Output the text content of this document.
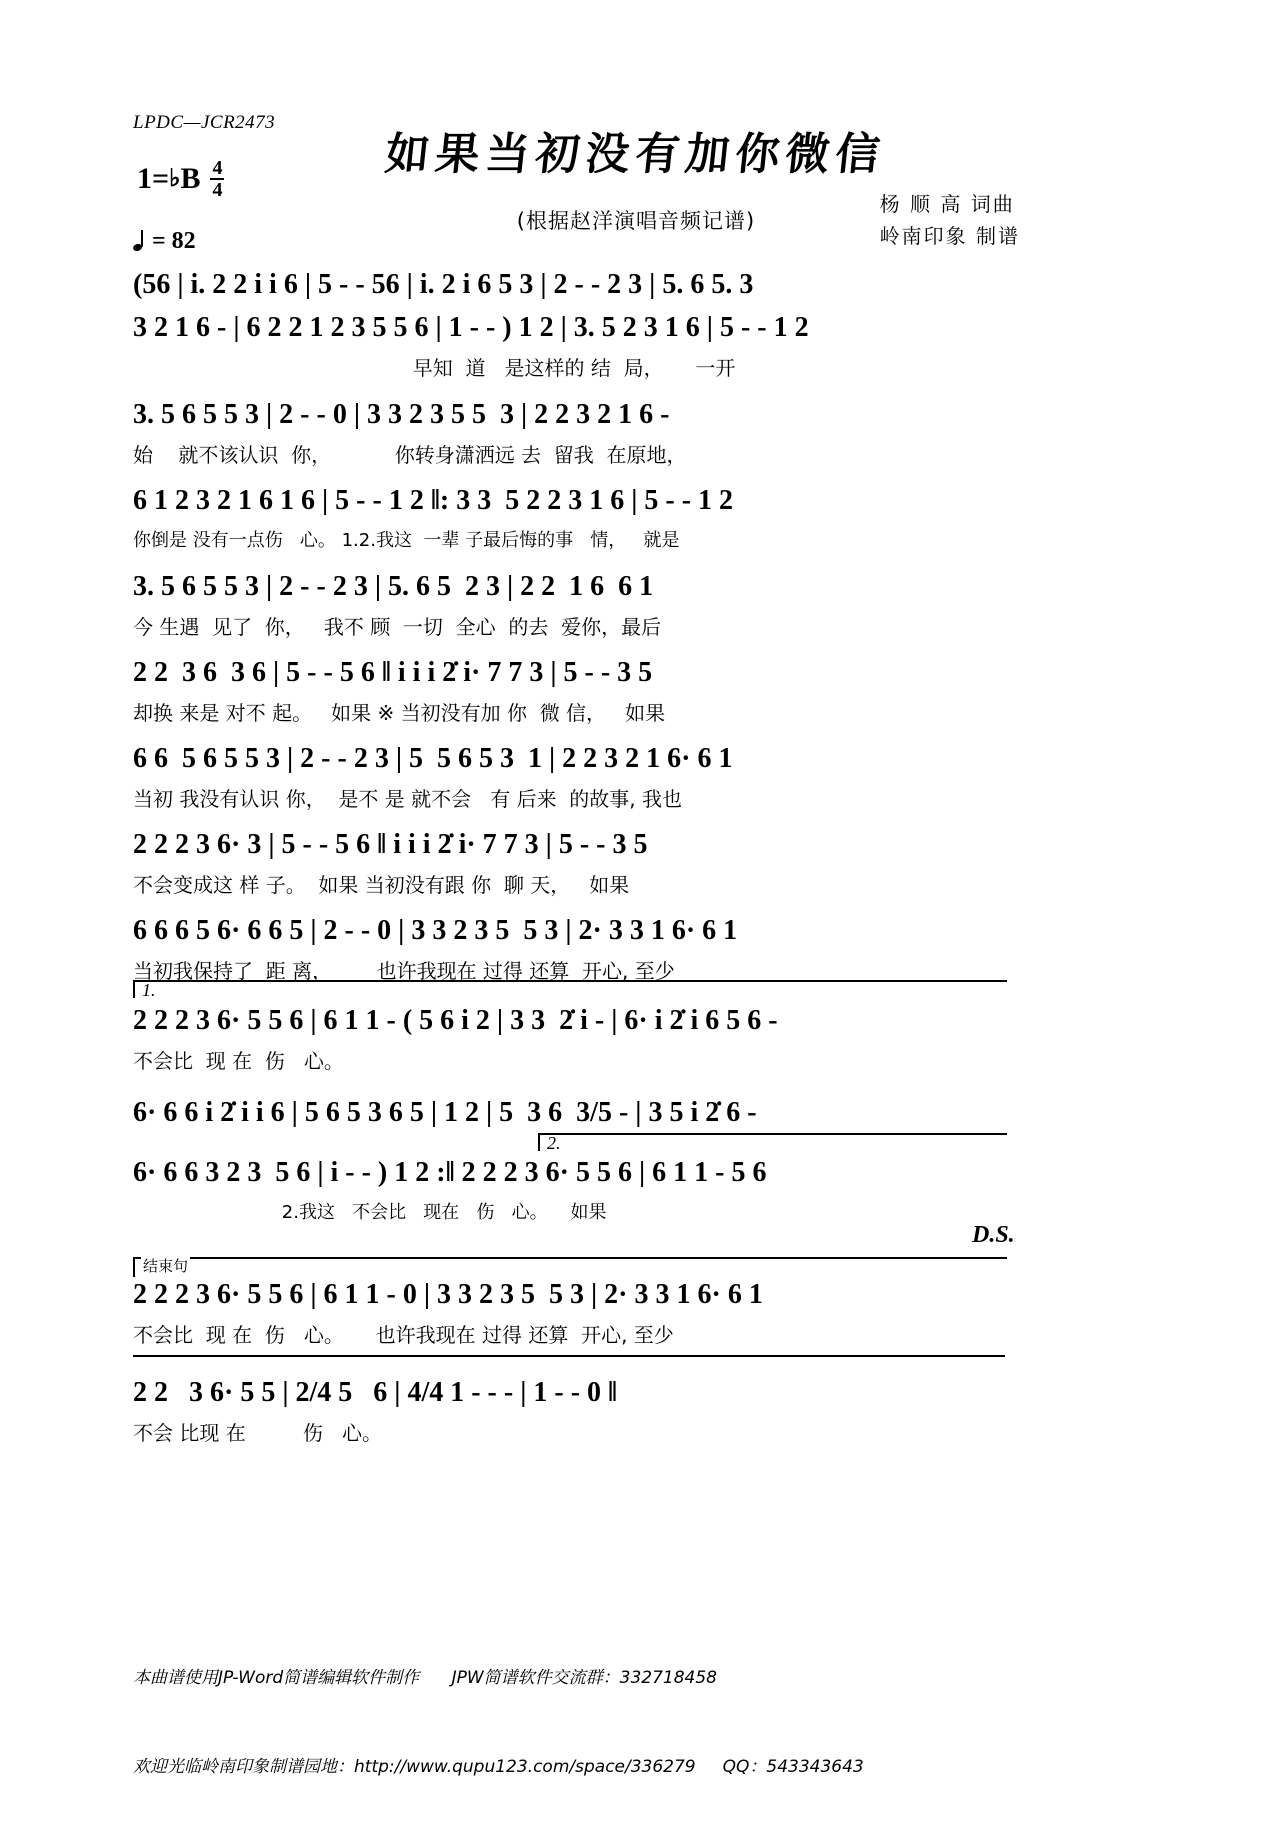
LPDC—JCR2473
如果当初没有加你微信
1= ♭ B $\frac{4}{4}$
(根据赵洋演唱音频记谱)
杨 顺 高 词曲
岭南印象 制谱
= 82
(56 | i. 2 2 i i 6 | 5 - - 56 | i. 2 i 6 5 3 | 2 - - 2 3 | 5. 6 5. 3
3 2 1 6 - | 6 2 2 1 2 3 5 5 6 | 1 - - ) 1 2 | 3. 5 2 3 1 6 | 5 - - 1 2
早知  道   是这样的 结  局，     一开
3. 5 6 5 5 3 | 2 - - 0 | 3 3 2 3 5 5  3 | 2 2 3 2 1 6 -
始    就不该认识  你，          你转身潇洒远 去  留我  在原地，
6 1 2 3 2 1 6 1 6 | 5 - - 1 2 ‖: 3 3  5 2 2 3 1 6 | 5 - - 1 2
你倒是 没有一点伤   心。 1.2.我这  一辈 子最后悔的事   情，   就是
3. 5 6 5 5 3 | 2 - - 2 3 | 5. 6 5  2 3 | 2 2  1 6  6 1
今 生遇  见了  你，   我不 顾  一切  全心  的去  爱你，最后
2 2  3 6  3 6 | 5 - - 5 6 ‖ i i i 2̇ i· 7 7 3 | 5 - - 3 5
却换 来是 对不 起。   如果 ※ 当初没有加 你  微 信，   如果
6 6  5 6 5 5 3 | 2 - - 2 3 | 5  5 6 5 3  1 | 2 2 3 2 1 6· 6 1
当初 我没有认识 你，  是不 是 就不会   有 后来  的故事, 我也
2 2 2 3 6· 3 | 5 - - 5 6 ‖ i i i 2̇ i· 7 7 3 | 5 - - 3 5
不会变成这 样 子。  如果 当初没有跟 你  聊 天，   如果
6 6 6 5 6· 6 6 5 | 2 - - 0 | 3 3 2 3 5  5 3 | 2· 3 3 1 6· 6 1
当初我保持了  距 离，       也许我现在 过得 还算  开心, 至少
1.
2 2 2 3 6· 5 5 6 | 6 1 1 - ( 5 6 i 2 | 3 3  2̇ i - | 6· i 2̇ i 6 5 6 -
不会比  现 在  伤   心。
6· 6 6 i 2̇ i i 6 | 5 6 5 3 6 5 | 1 2 | 5  3 6  3/5 - | 3 5 i 2̇ 6 -
2.
6· 6 6 3 2 3  5 6 | i - - ) 1 2 :‖ 2 2 2 3 6· 5 5 6 | 6 1 1 - 5 6
2.我这   不会比   现在   伤   心。    如果
D.S.
结束句
2 2 2 3 6· 5 5 6 | 6 1 1 - 0 | 3 3 2 3 5  5 3 | 2· 3 3 1 6· 6 1
不会比  现 在  伤   心。     也许我现在 过得 还算  开心, 至少
2 2   3 6· 5 5 | 2/4 5   6 | 4/4 1 - - - | 1 - - 0 ‖
不会 比现 在         伤   心。

本曲谱使用JP-Word简谱编辑软件制作      JPW简谱软件交流群：332718458

欢迎光临岭南印象制谱园地：http://www.qupu123.com/space/336279     QQ：543343643
